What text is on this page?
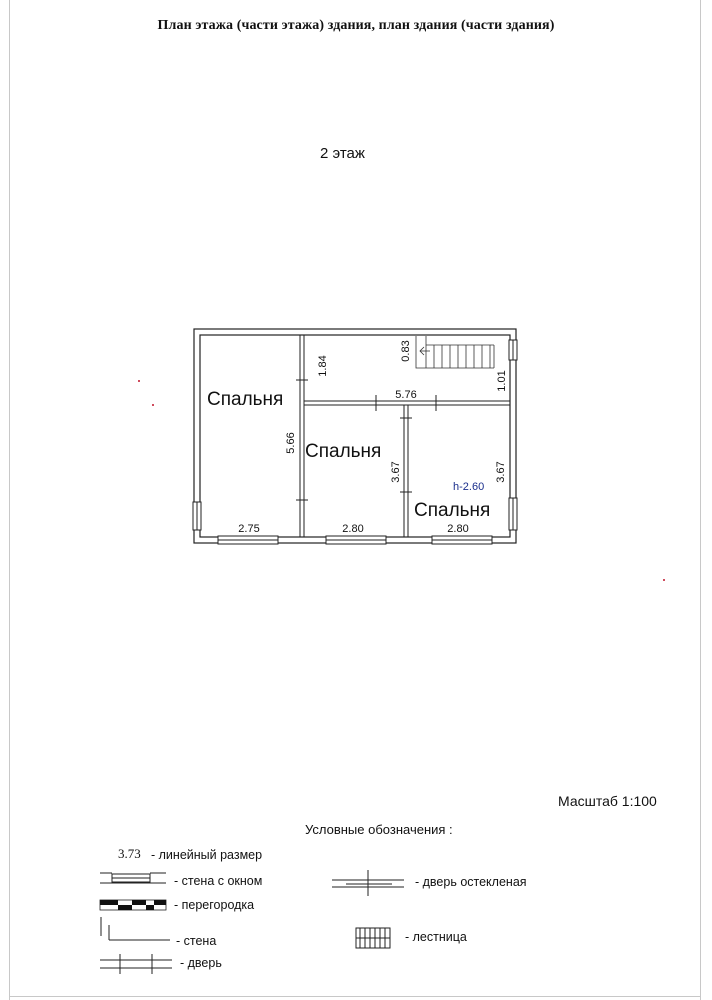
План этажа (части этажа) здания, план здания (части здания)
2 этаж
Спальня
Спальня
Спальня
5.66
1.84
0.83
1.01
5.76
3.67	3.67
2.75	2.80	2.80
h-2.60
Масштаб 1:100
Условные обозначения :
3.73 - линейный размер
- стена с окном
- перегородка
- стена
- дверь
- дверь остекленая
- лестница
